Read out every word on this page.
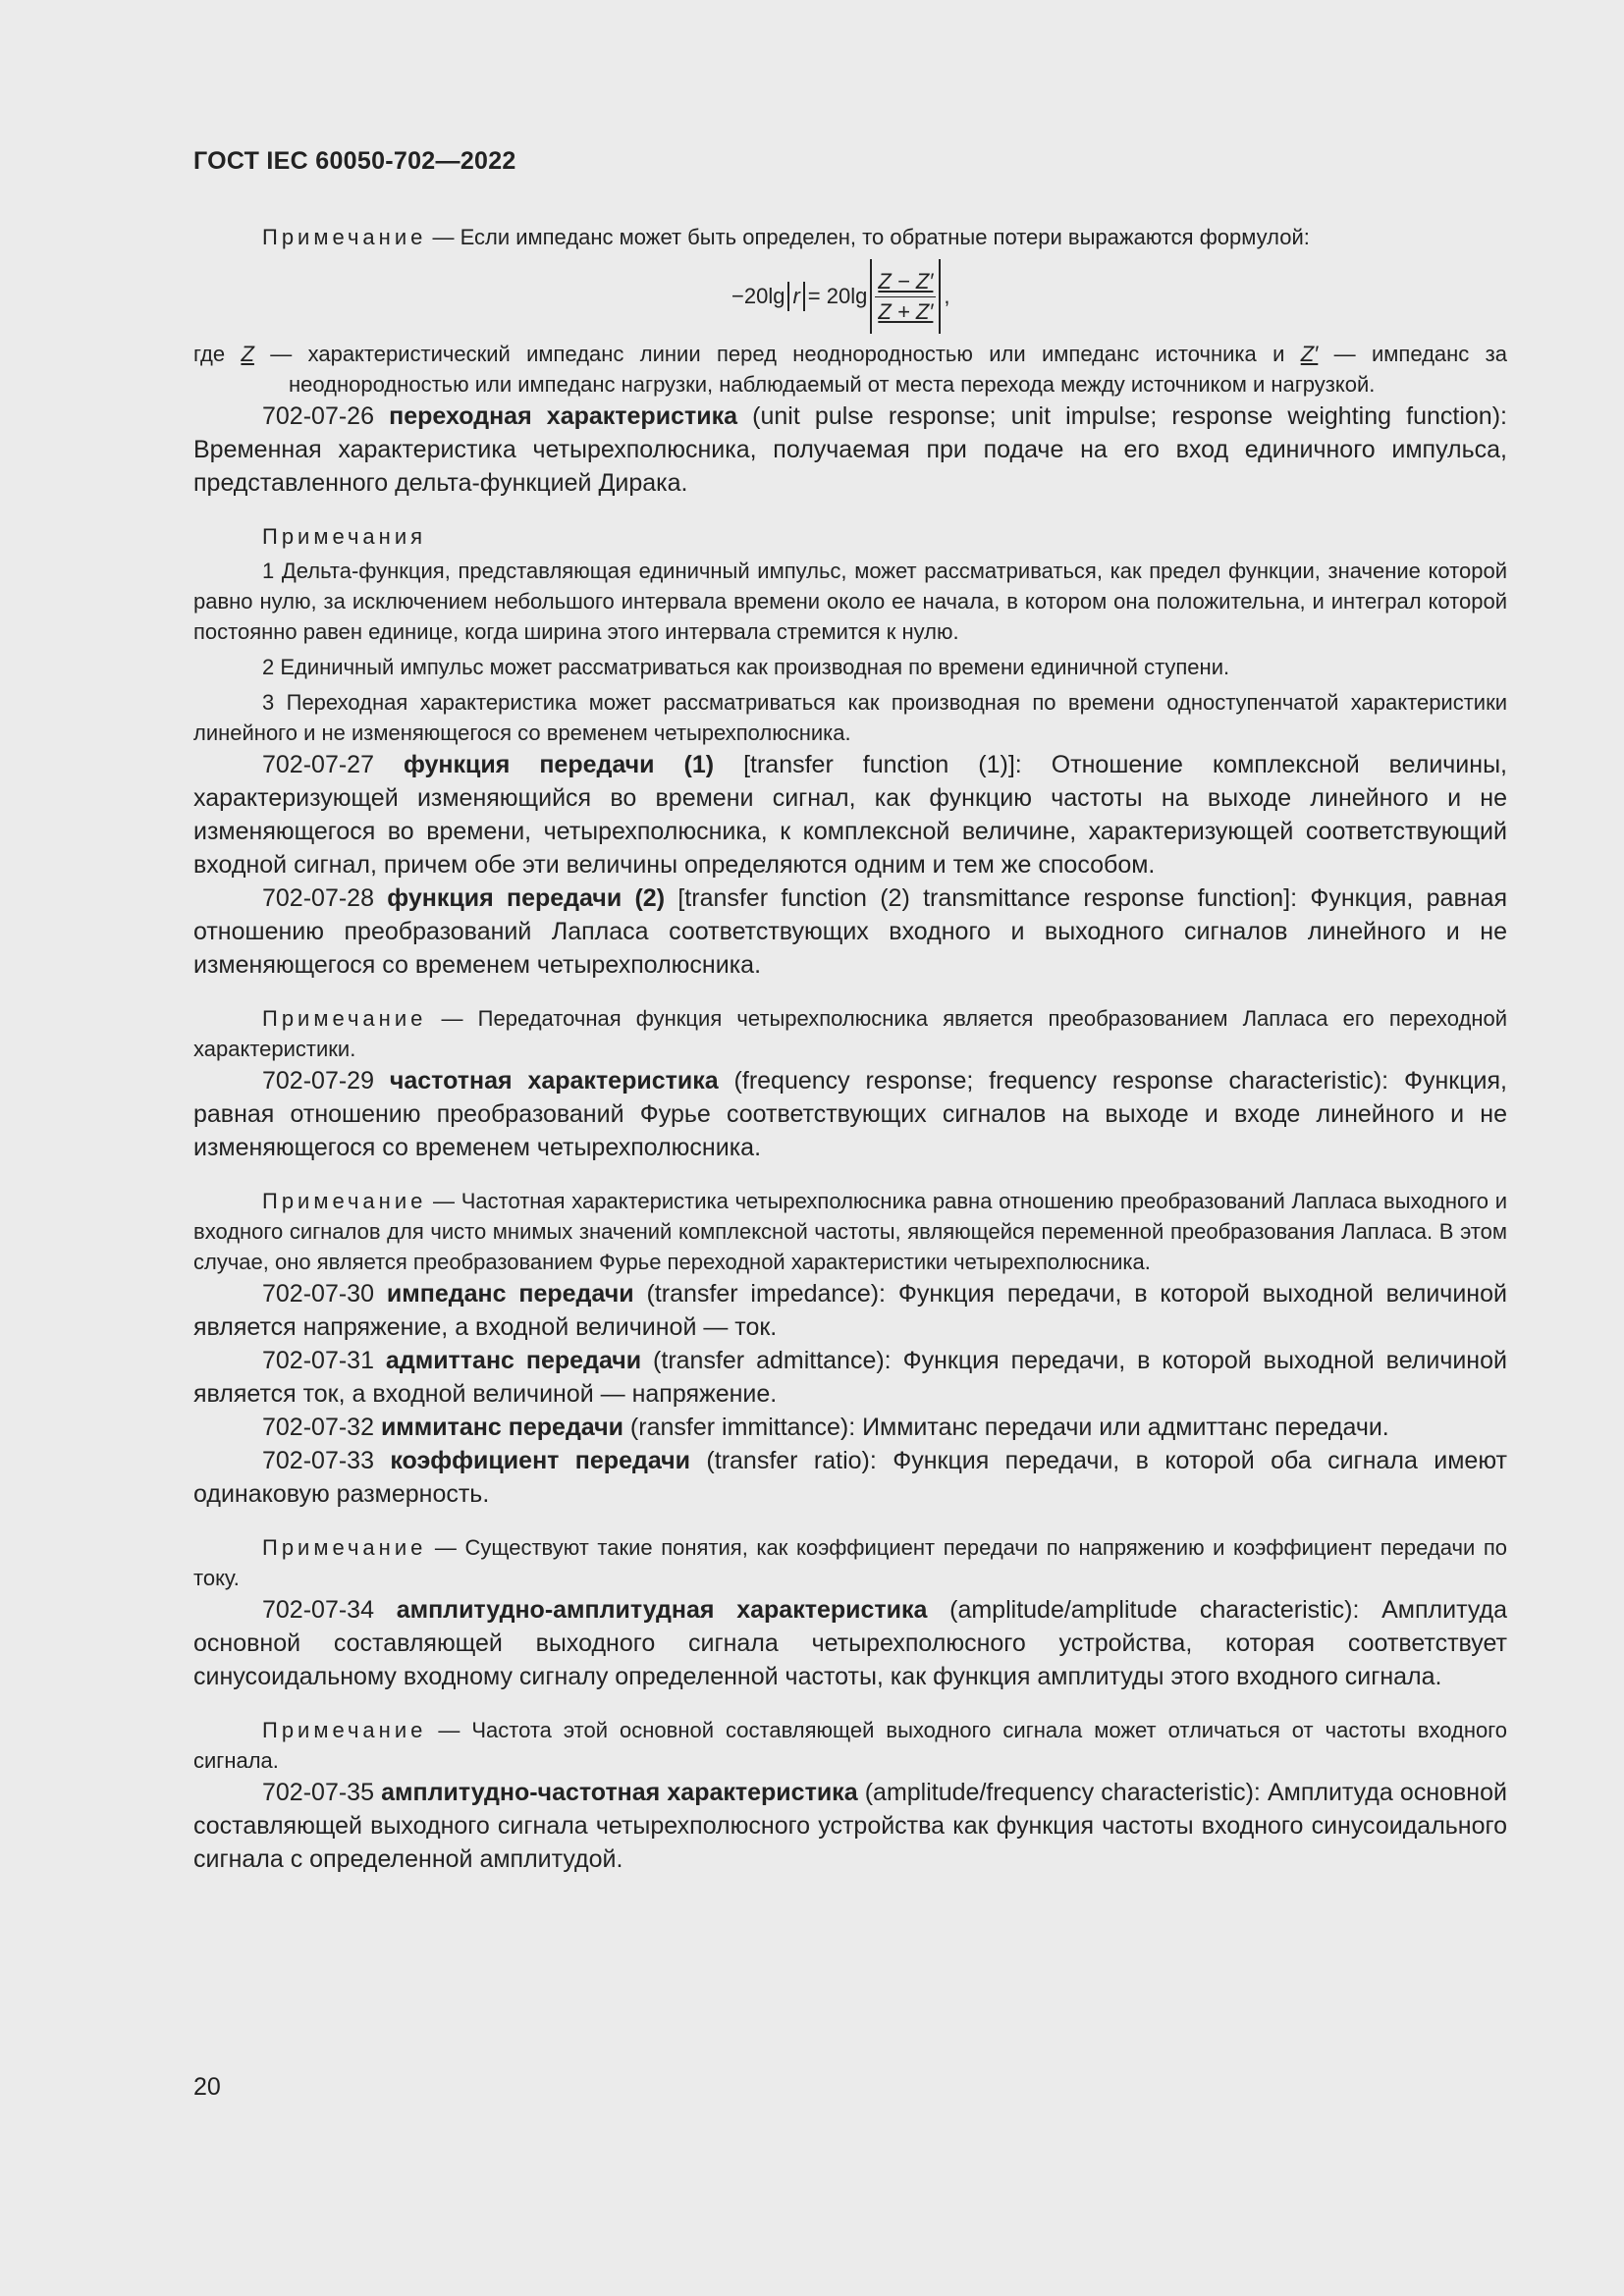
ГОСТ IEC 60050-702—2022

Примечание — Если импеданс может быть определен, то обратные потери выражаются формулой:

−20lg $r = 20\lg \frac{Z - Z'}{Z + Z'}$ ,

где Z — характеристический импеданс линии перед неоднородностью или импеданс источника и Z′ — импеданс за неоднородностью или импеданс нагрузки, наблюдаемый от места перехода между источником и нагрузкой.

702-07-26 переходная характеристика (unit pulse response; unit impulse; response weighting function): Временная характеристика четырехполюсника, получаемая при подаче на его вход единичного импульса, представленного дельта-функцией Дирака.

Примечания

1 Дельта-функция, представляющая единичный импульс, может рассматриваться, как предел функции, значение которой равно нулю, за исключением небольшого интервала времени около ее начала, в котором она положительна, и интеграл которой постоянно равен единице, когда ширина этого интервала стремится к нулю.

2 Единичный импульс может рассматриваться как производная по времени единичной ступени.

3 Переходная характеристика может рассматриваться как производная по времени одноступенчатой характеристики линейного и не изменяющегося со временем четырехполюсника.

702-07-27 функция передачи (1) [transfer function (1)]: Отношение комплексной величины, характеризующей изменяющийся во времени сигнал, как функцию частоты на выходе линейного и не изменяющегося во времени, четырехполюсника, к комплексной величине, характеризующей соответствующий входной сигнал, причем обе эти величины определяются одним и тем же способом.

702-07-28 функция передачи (2) [transfer function (2) transmittance response function]: Функция, равная отношению преобразований Лапласа соответствующих входного и выходного сигналов линейного и не изменяющегося со временем четырехполюсника.

Примечание — Передаточная функция четырехполюсника является преобразованием Лапласа его переходной характеристики.

702-07-29 частотная характеристика (frequency response; frequency response characteristic): Функция, равная отношению преобразований Фурье соответствующих сигналов на выходе и входе линейного и не изменяющегося со временем четырехполюсника.

Примечание — Частотная характеристика четырехполюсника равна отношению преобразований Лапласа выходного и входного сигналов для чисто мнимых значений комплексной частоты, являющейся переменной преобразования Лапласа. В этом случае, оно является преобразованием Фурье переходной характеристики четырехполюсника.

702-07-30 импеданс передачи (transfer impedance): Функция передачи, в которой выходной величиной является напряжение, а входной величиной — ток.

702-07-31 адмиттанс передачи (transfer admittance): Функция передачи, в которой выходной величиной является ток, а входной величиной — напряжение.

702-07-32 иммитанс передачи (ransfer immittance): Иммитанс передачи или адмиттанс передачи.

702-07-33 коэффициент передачи (transfer ratio): Функция передачи, в которой оба сигнала имеют одинаковую размерность.

Примечание — Существуют такие понятия, как коэффициент передачи по напряжению и коэффициент передачи по току.

702-07-34 амплитудно-амплитудная характеристика (amplitude/amplitude characteristic): Амплитуда основной составляющей выходного сигнала четырехполюсного устройства, которая соответствует синусоидальному входному сигналу определенной частоты, как функция амплитуды этого входного сигнала.

Примечание — Частота этой основной составляющей выходного сигнала может отличаться от частоты входного сигнала.

702-07-35 амплитудно-частотная характеристика (amplitude/frequency characteristic): Амплитуда основной составляющей выходного сигнала четырехполюсного устройства как функция частоты входного синусоидального сигнала с определенной амплитудой.

20
